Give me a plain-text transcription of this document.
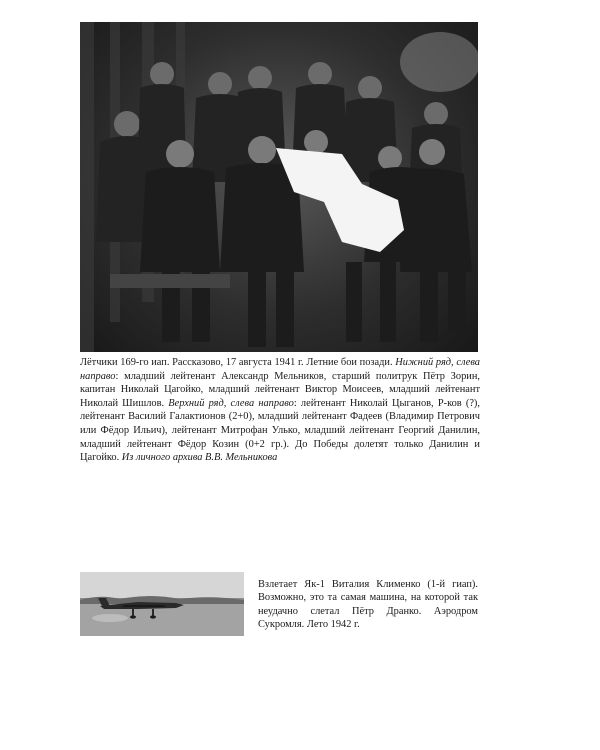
Лётчики 169-го иап. Рассказово, 17 августа 1941 г. Летние бои позади. Нижний ряд, слева направо: младший лейтенант Александр Мельников, старший политрук Пётр Зорин, капитан Николай Цагойко, младший лейтенант Виктор Моисеев, младший лейтенант Николай Шишлов. Верхний ряд, слева направо: лейтенант Николай Цыганов, Р-ков (?), лейтенант Василий Галактионов (2+0), младший лейтенант Фадеев (Владимир Петрович или Фёдор Ильич), лейтенант Митрофан Улько, младший лейтенант Георгий Данилин, младший лейтенант Фёдор Козин (0+2 гр.). До Победы долетят только Данилин и Цагойко. Из личного архива В.В. Мельникова
Взлетает Як-1 Виталия Клименко (1-й гиап). Возможно, это та самая машина, на которой так неудачно слетал Пётр Дранко. Аэродром Сукромля. Лето 1942 г.
